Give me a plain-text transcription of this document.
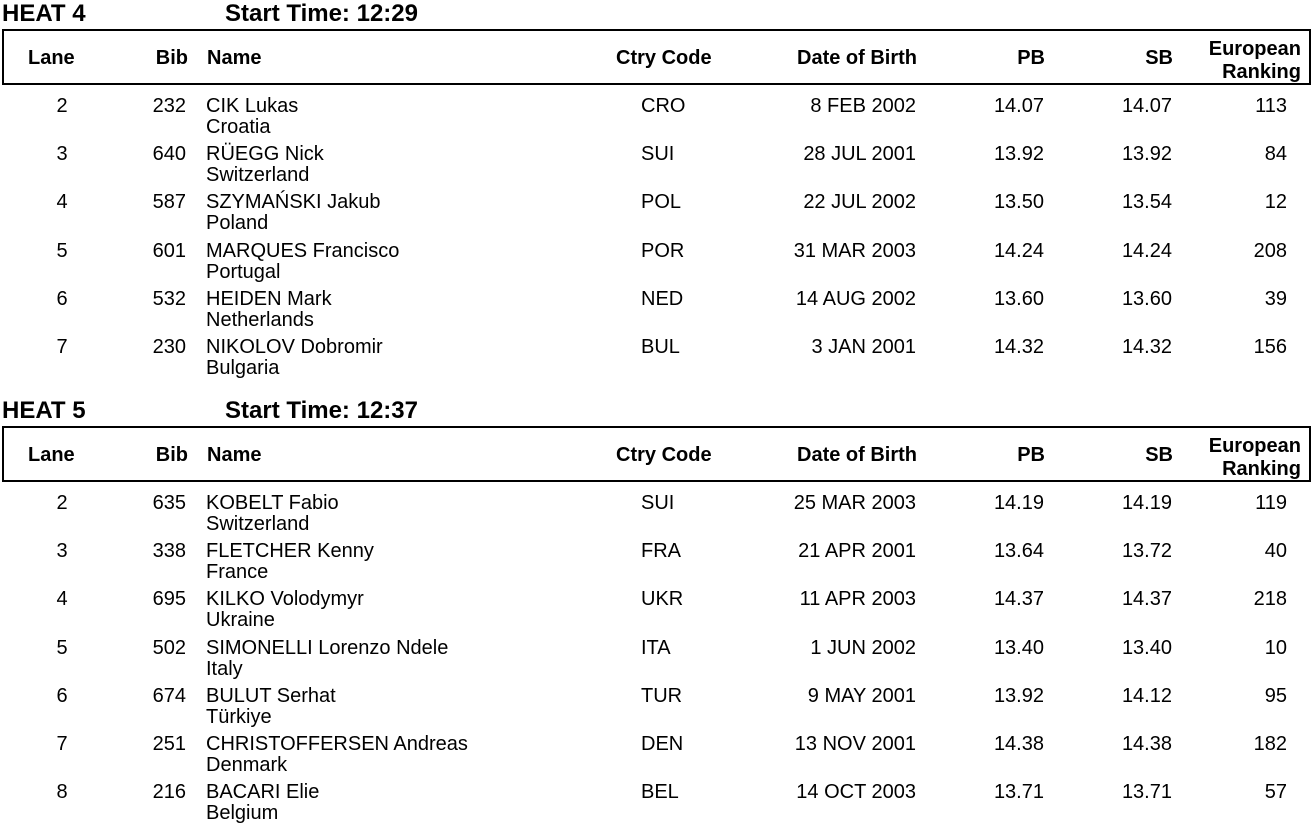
HEAT 4	Start Time: 12:29
Lane	Bib Name	Ctry Code	Date of Birth	PB	SB	European
Ranking
2	232 CIK Lukas
Croatia
CRO	8 FEB 2002	14.07	14.07	113
3	640 RÜEGG Nick
Switzerland
SUI	28 JUL 2001	13.92	13.92	84
4	587 SZYMAŃSKI Jakub
Poland
POL	22 JUL 2002	13.50	13.54	12
5	601 MARQUES Francisco
Portugal
POR	31 MAR 2003	14.24	14.24	208
6	532 HEIDEN Mark
Netherlands
NED	14 AUG 2002	13.60	13.60	39
7	230 NIKOLOV Dobromir
Bulgaria
BUL	3 JAN 2001	14.32	14.32	156
HEAT 5	Start Time: 12:37
Lane	Bib Name	Ctry Code	Date of Birth	PB	SB	European
Ranking
2	635 KOBELT Fabio
Switzerland
SUI	25 MAR 2003	14.19	14.19	119
3	338 FLETCHER Kenny
France
FRA	21 APR 2001	13.64	13.72	40
4	695 KILKO Volodymyr
Ukraine
UKR	11 APR 2003	14.37	14.37	218
5	502 SIMONELLI Lorenzo Ndele
Italy
ITA	1 JUN 2002	13.40	13.40	10
6	674 BULUT Serhat
Türkiye
TUR	9 MAY 2001	13.92	14.12	95
7	251 CHRISTOFFERSEN Andreas
Denmark
DEN	13 NOV 2001	14.38	14.38	182
8	216 BACARI Elie
Belgium
BEL	14 OCT 2003	13.71	13.71	57
